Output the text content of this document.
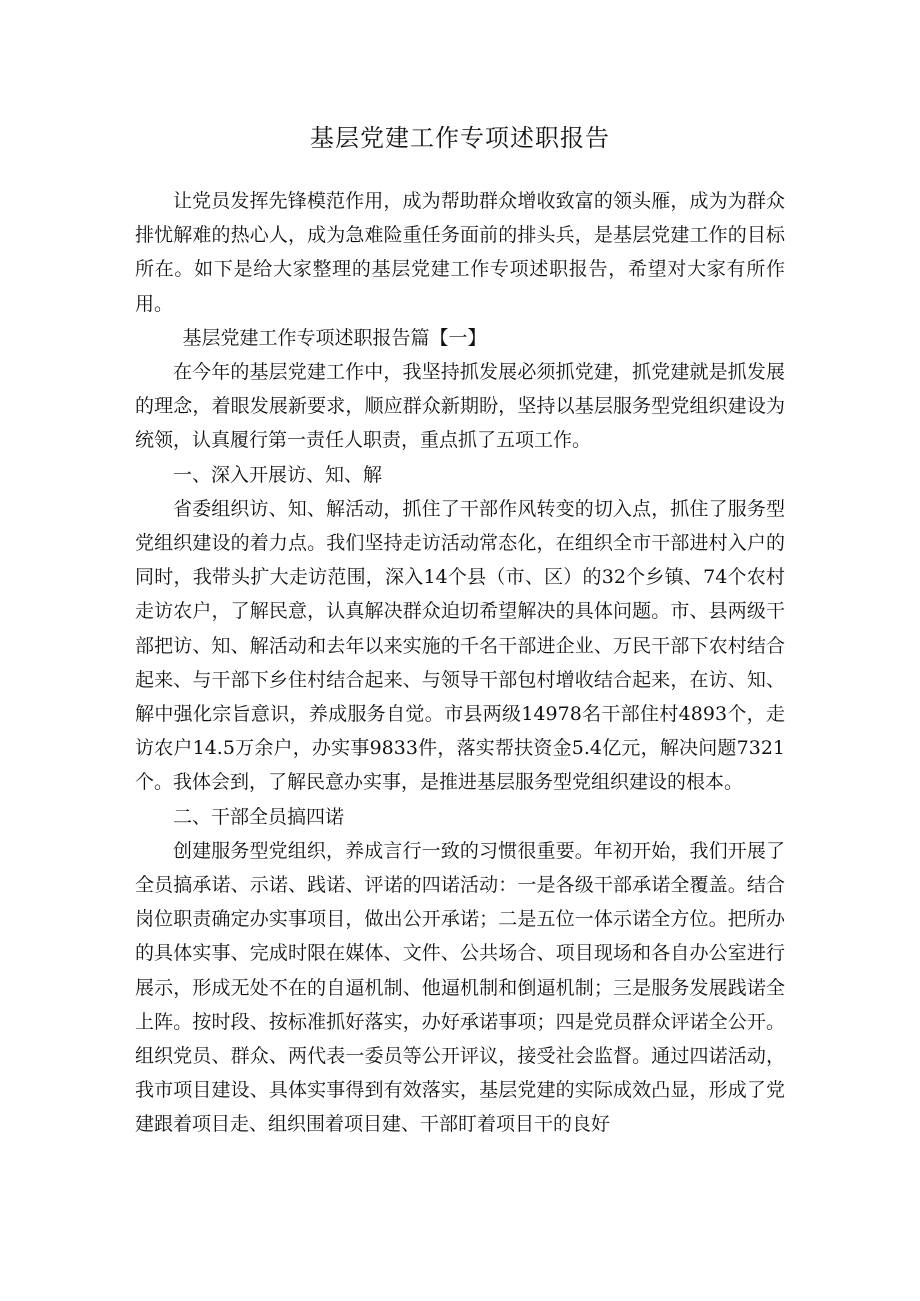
基层党建工作专项述职报告

让党员发挥先锋模范作用，成为帮助群众增收致富的领头雁，成为为群众排忧解难的热心人，成为急难险重任务面前的排头兵，是基层党建工作的目标所在。如下是给大家整理的基层党建工作专项述职报告，希望对大家有所作用。

基层党建工作专项述职报告篇【一】

在今年的基层党建工作中，我坚持抓发展必须抓党建，抓党建就是抓发展的理念，着眼发展新要求，顺应群众新期盼，坚持以基层服务型党组织建设为统领，认真履行第一责任人职责，重点抓了五项工作。

一、深入开展访、知、解

省委组织访、知、解活动，抓住了干部作风转变的切入点，抓住了服务型党组织建设的着力点。我们坚持走访活动常态化，在组织全市干部进村入户的同时，我带头扩大走访范围，深入14个县（市、区）的32个乡镇、74个农村走访农户，了解民意，认真解决群众迫切希望解决的具体问题。市、县两级干部把访、知、解活动和去年以来实施的千名干部进企业、万民干部下农村结合起来、与干部下乡住村结合起来、与领导干部包村增收结合起来，在访、知、解中强化宗旨意识，养成服务自觉。市县两级14978名干部住村4893个，走访农户14.5万余户，办实事9833件，落实帮扶资金5.4亿元，解决问题7321个。我体会到，了解民意办实事，是推进基层服务型党组织建设的根本。

二、干部全员搞四诺

创建服务型党组织，养成言行一致的习惯很重要。年初开始，我们开展了全员搞承诺、示诺、践诺、评诺的四诺活动：一是各级干部承诺全覆盖。结合岗位职责确定办实事项目，做出公开承诺；二是五位一体示诺全方位。把所办的具体实事、完成时限在媒体、文件、公共场合、项目现场和各自办公室进行展示，形成无处不在的自逼机制、他逼机制和倒逼机制；三是服务发展践诺全上阵。按时段、按标准抓好落实，办好承诺事项；四是党员群众评诺全公开。组织党员、群众、两代表一委员等公开评议，接受社会监督。通过四诺活动，我市项目建设、具体实事得到有效落实，基层党建的实际成效凸显，形成了党建跟着项目走、组织围着项目建、干部盯着项目干的良好
